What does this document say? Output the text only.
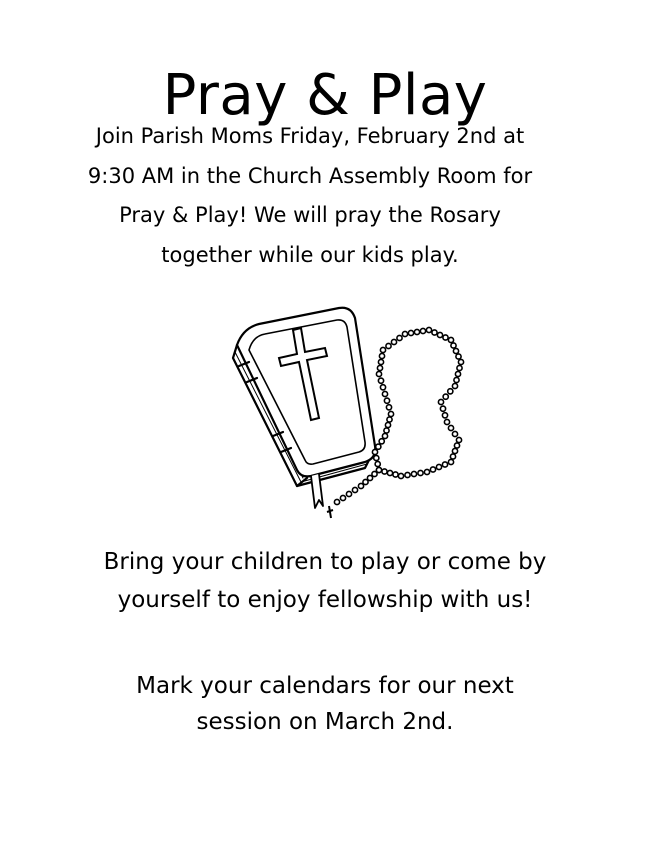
Pray & Play
Join Parish Moms Friday, February 2nd at
9:30 AM in the Church Assembly Room for
Pray & Play! We will pray the Rosary
together while our kids play.
Bring your children to play or come by
yourself to enjoy fellowship with us!
Mark your calendars for our next
session on March 2nd.
